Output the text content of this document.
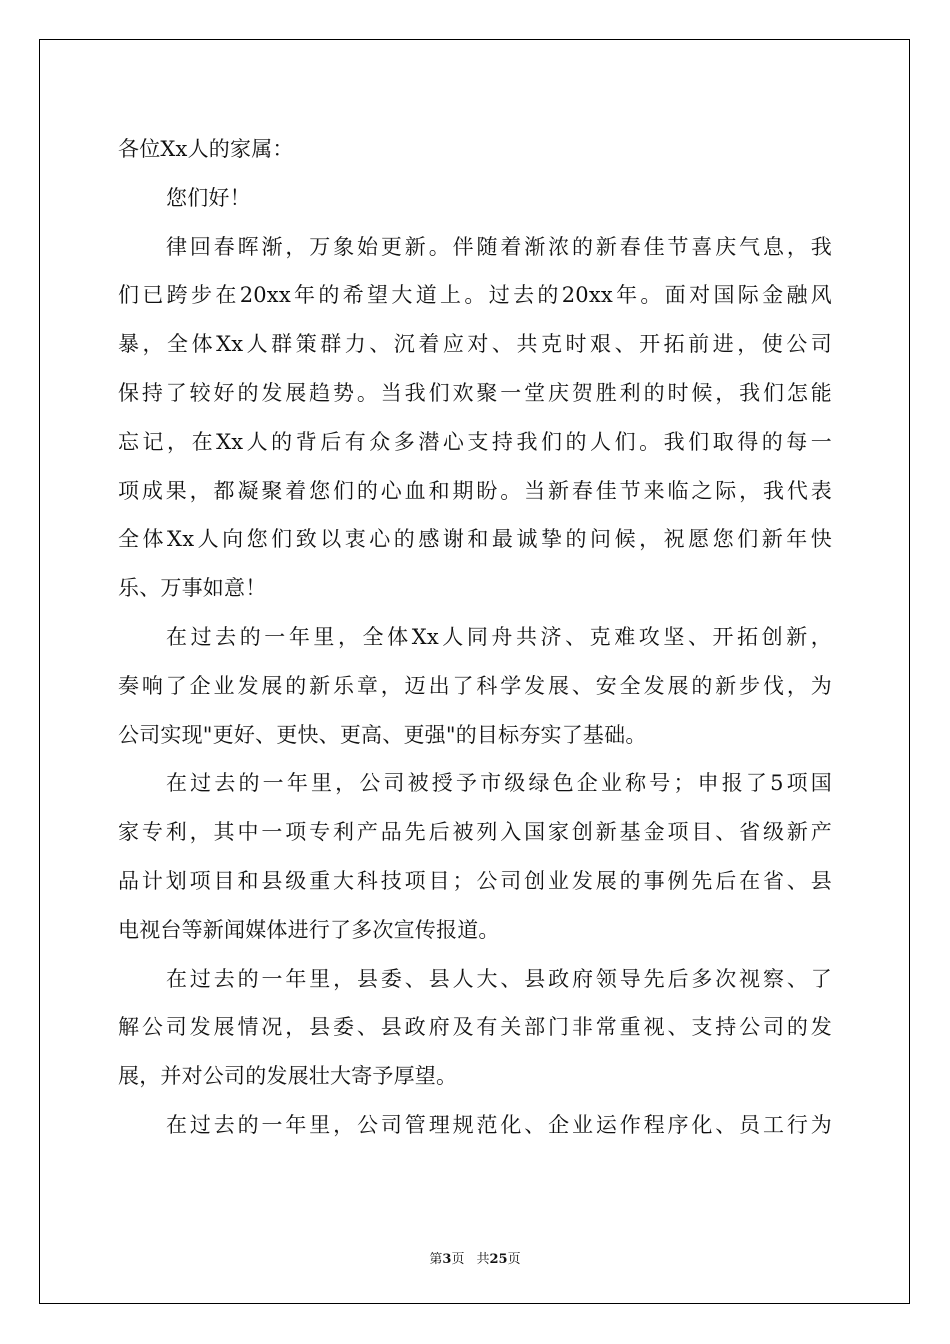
各位Xx人的家属：
您们好！
律回春晖渐，万象始更新。伴随着渐浓的新春佳节喜庆气息，我
们已跨步在20xx年的希望大道上。过去的20xx年。面对国际金融风
暴，全体Xx人群策群力、沉着应对、共克时艰、开拓前进，使公司
保持了较好的发展趋势。当我们欢聚一堂庆贺胜利的时候，我们怎能
忘记，在Xx人的背后有众多潜心支持我们的人们。我们取得的每一
项成果，都凝聚着您们的心血和期盼。当新春佳节来临之际，我代表
全体Xx人向您们致以衷心的感谢和最诚挚的问候，祝愿您们新年快
乐、万事如意！
在过去的一年里，全体Xx人同舟共济、克难攻坚、开拓创新，
奏响了企业发展的新乐章，迈出了科学发展、安全发展的新步伐，为
公司实现"更好、更快、更高、更强"的目标夯实了基础。
在过去的一年里，公司被授予市级绿色企业称号；申报了5项国
家专利，其中一项专利产品先后被列入国家创新基金项目、省级新产
品计划项目和县级重大科技项目；公司创业发展的事例先后在省、县
电视台等新闻媒体进行了多次宣传报道。
在过去的一年里，县委、县人大、县政府领导先后多次视察、了
解公司发展情况，县委、县政府及有关部门非常重视、支持公司的发
展，并对公司的发展壮大寄予厚望。
在过去的一年里，公司管理规范化、企业运作程序化、员工行为
第3页 共25页
